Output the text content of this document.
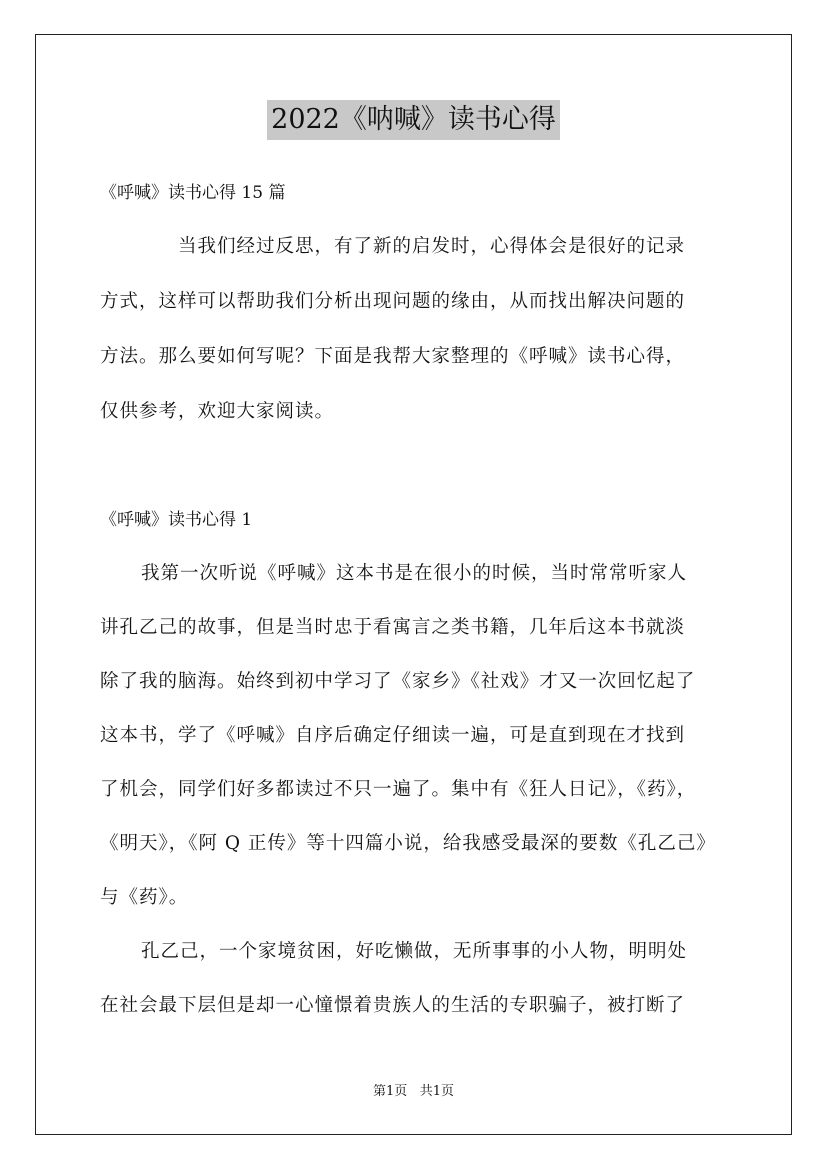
2022《呐喊》读书心得
《呼喊》读书心得 15 篇
当我们经过反思，有了新的启发时，心得体会是很好的记录
方式，这样可以帮助我们分析出现问题的缘由，从而找出解决问题的
方法。那么要如何写呢？下面是我帮大家整理的《呼喊》读书心得，
仅供参考，欢迎大家阅读。
《呼喊》读书心得 1
我第一次听说《呼喊》这本书是在很小的时候，当时常常听家人
讲孔乙己的故事，但是当时忠于看寓言之类书籍，几年后这本书就淡
除了我的脑海。始终到初中学习了《家乡》《社戏》才又一次回忆起了
这本书，学了《呼喊》自序后确定仔细读一遍，可是直到现在才找到
了机会，同学们好多都读过不只一遍了。集中有《狂人日记》，《药》，
《明天》，《阿 Q 正传》等十四篇小说，给我感受最深的要数《孔乙己》
与《药》。
孔乙己，一个家境贫困，好吃懒做，无所事事的小人物，明明处
在社会最下层但是却一心憧憬着贵族人的生活的专职骗子，被打断了
第1页 共1页
